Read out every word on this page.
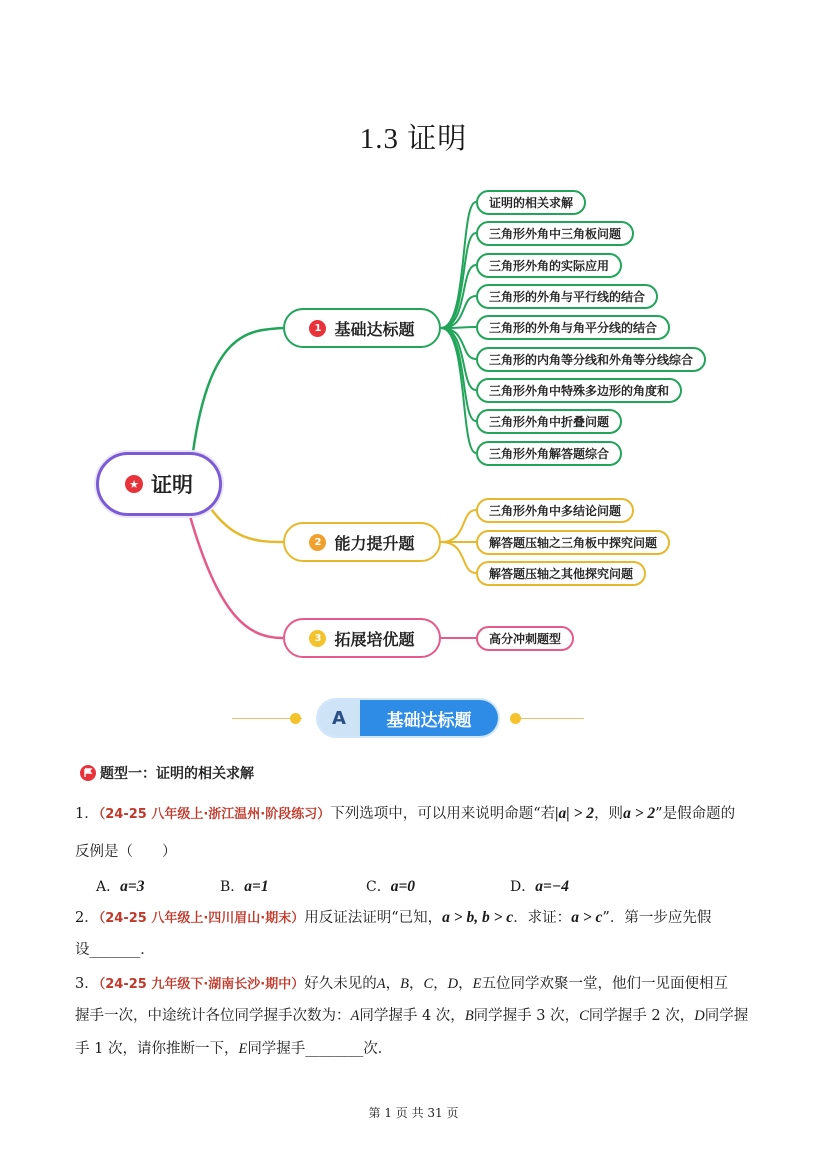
1.3 证明
★ 证明
1 基础达标题
2 能力提升题
3 拓展培优题
证明的相关求解
三角形外角中三角板问题
三角形外角的实际应用
三角形的外角与平行线的结合
三角形的外角与角平分线的结合
三角形的内角等分线和外角等分线综合
三角形外角中特殊多边形的角度和
三角形外角中折叠问题
三角形外角解答题综合
三角形外角中多结论问题
解答题压轴之三角板中探究问题
解答题压轴之其他探究问题
高分冲刺题型
A	基础达标题
题型一：证明的相关求解
1．（24-25 八年级上·浙江温州·阶段练习）下列选项中，可以用来说明命题“若|a| > 2，则a > 2”是假命题的
反例是（　　）
A．a=3	B．a=1	C．a=0	D．a=−4
2．（24-25 八年级上·四川眉山·期末）用反证法证明“已知，a > b, b > c．求证：a > c”．第一步应先假
设_______．
3．（24-25 九年级下·湖南长沙·期中）好久未见的A，B，C，D，E五位同学欢聚一堂，他们一见面便相互
握手一次，中途统计各位同学握手次数为：A同学握手 4 次，B同学握手 3 次，C同学握手 2 次，D同学握
手 1 次，请你推断一下，E同学握手________次．
第 1 页 共 31 页
